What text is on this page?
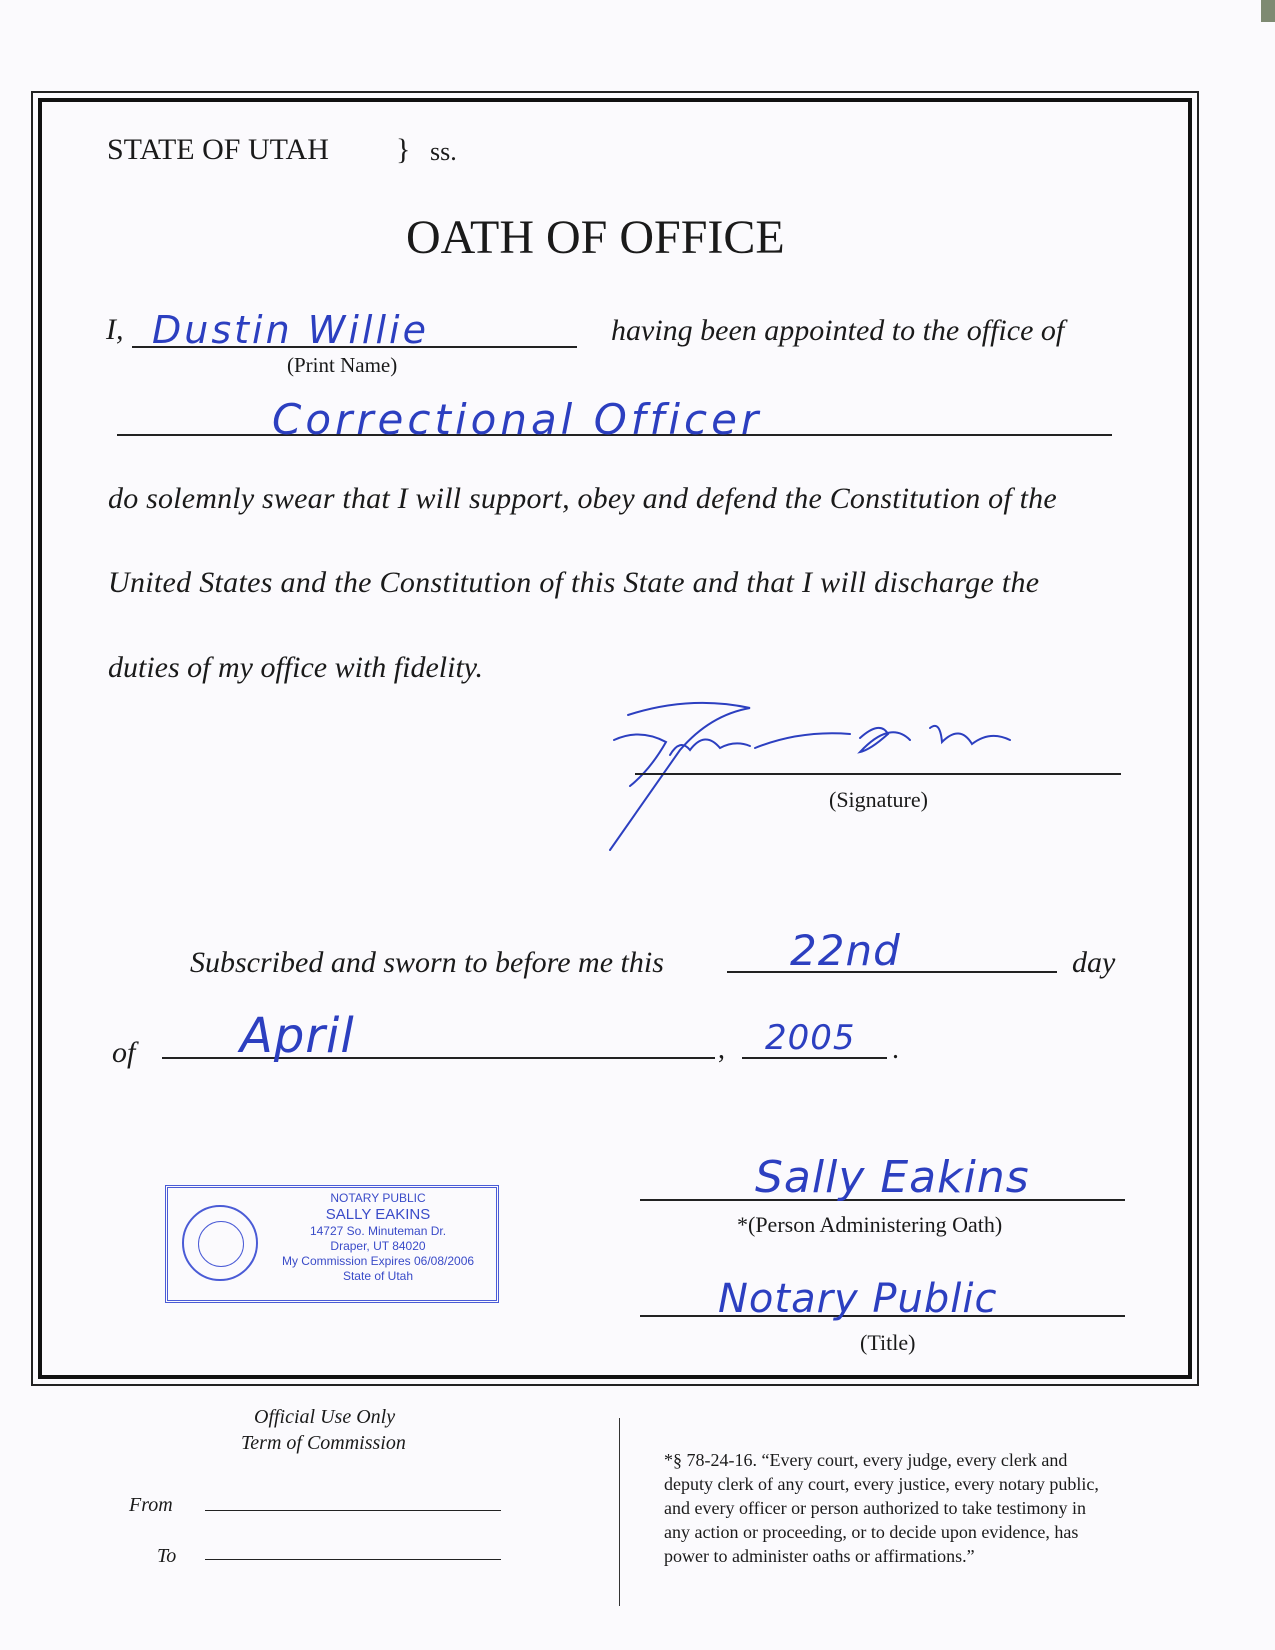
STATE OF UTAH } ss.
OATH OF OFFICE
I, Dustin Willie
(Print Name)
having been appointed to the office of
Correctional Officer
do solemnly swear that I will support, obey and defend the Constitution of the
United States and the Constitution of this State and that I will discharge the
duties of my office with fidelity.
(Signature)
Subscribed and sworn to before me this	22nd	day
of April	, 2005 .
NOTARY PUBLIC
SALLY EAKINS
14727 So. Minuteman Dr.
Draper, UT 84020
My Commission Expires 06/08/2006
State of Utah
Sally Eakins
*(Person Administering Oath)
Notary Public
(Title)
Official Use Only
Term of Commission
From
To
*§ 78-24-16. “Every court, every judge, every clerk and
deputy clerk of any court, every justice, every notary public,
and every officer or person authorized to take testimony in
any action or proceeding, or to decide upon evidence, has
power to administer oaths or affirmations.”
